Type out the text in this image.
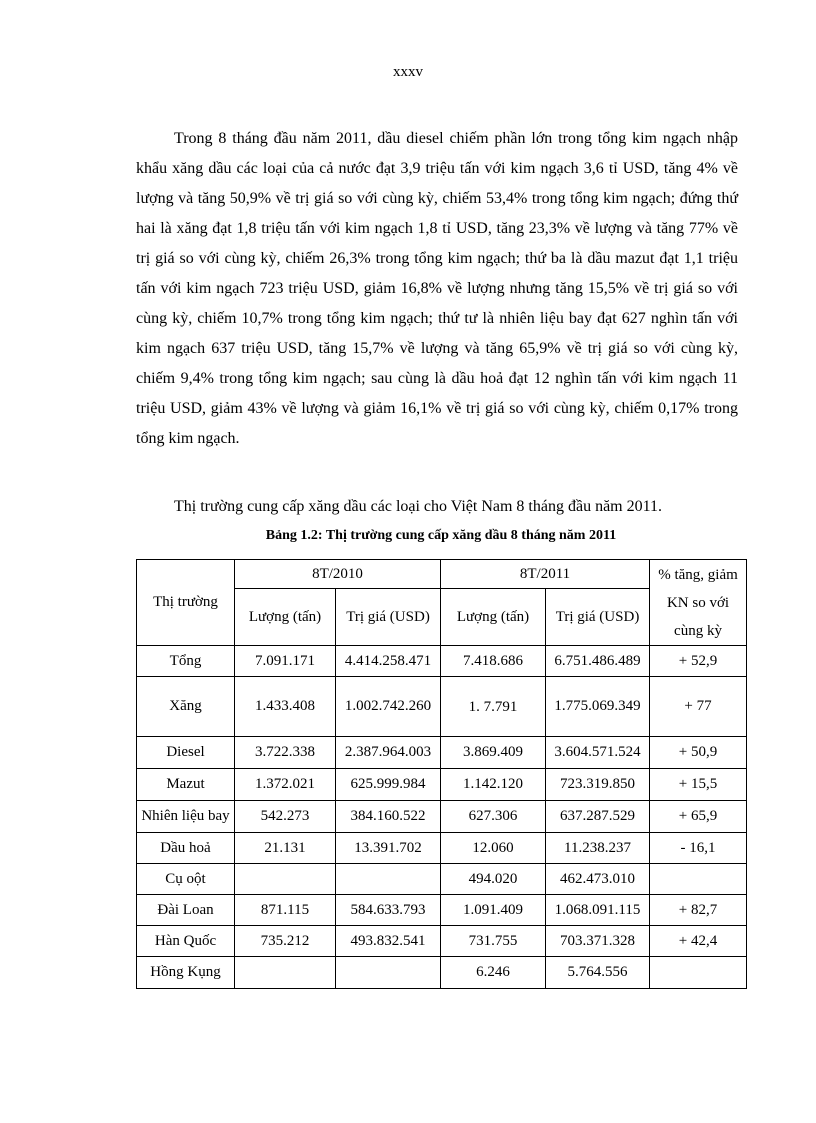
xxxv

Trong 8 tháng đầu năm 2011, dầu diesel chiếm phần lớn trong tổng kim ngạch nhập khẩu xăng dầu các loại của cả nước đạt 3,9 triệu tấn với kim ngạch 3,6 tỉ USD, tăng 4% về lượng và tăng 50,9% về trị giá so với cùng kỳ, chiếm 53,4% trong tổng kim ngạch; đứng thứ hai là xăng đạt 1,8 triệu tấn với kim ngạch 1,8 tỉ USD, tăng 23,3% về lượng và tăng 77% về trị giá so với cùng kỳ, chiếm 26,3% trong tổng kim ngạch; thứ ba là dầu mazut đạt 1,1 triệu tấn với kim ngạch 723 triệu USD, giảm 16,8% về lượng nhưng tăng 15,5% về trị giá so với cùng kỳ, chiếm 10,7% trong tổng kim ngạch; thứ tư là nhiên liệu bay đạt 627 nghìn tấn với kim ngạch 637 triệu USD, tăng 15,7% về lượng và tăng 65,9% về trị giá so với cùng kỳ, chiếm 9,4% trong tổng kim ngạch; sau cùng là dầu hoả đạt 12 nghìn tấn với kim ngạch 11 triệu USD, giảm 43% về lượng và giảm 16,1% về trị giá so với cùng kỳ, chiếm 0,17% trong tổng kim ngạch.

Thị trường cung cấp xăng dầu các loại cho Việt Nam 8 tháng đầu năm 2011.

Bảng 1.2: Thị trường cung cấp xăng dầu 8 tháng năm 2011
Thị trường	8T/2010		8T/2011		% tăng, giảm KN so với cùng kỳ
	Lượng (tấn)	Trị giá (USD)	Lượng (tấn)	Trị giá (USD)	
Tổng	7.091.171	4.414.258.471	7.418.686	6.751.486.489	+ 52,9
Xăng	1.433.408	1.002.742.260	1. 7.791	1.775.069.349	+ 77
Diesel	3.722.338	2.387.964.003	3.869.409	3.604.571.524	+ 50,9
Mazut	1.372.021	625.999.984	1.142.120	723.319.850	+ 15,5
Nhiên liệu bay	542.273	384.160.522	627.306	637.287.529	+ 65,9
Dầu hoả	21.131	13.391.702	12.060	11.238.237	- 16,1
Cụ oột			494.020	462.473.010	
Đài Loan	871.115	584.633.793	1.091.409	1.068.091.115	+ 82,7
Hàn Quốc	735.212	493.832.541	731.755	703.371.328	+ 42,4
Hồng Kụng			6.246	5.764.556	
